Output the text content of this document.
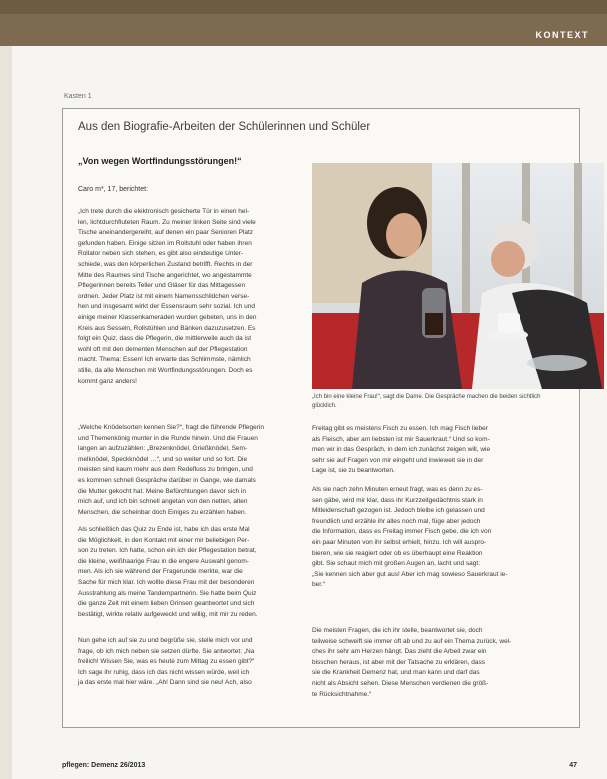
KONTEXT
Kasten 1
Aus den Biografie-Arbeiten der Schülerinnen und Schüler
„Von wegen Wortfindungsstörungen!“
Caro m*, 17, berichtet:

„Ich trete durch die elektronisch gesicherte Tür in einen hel-
len, lichtdurchfluteten Raum. Zu meiner linken Seite sind viele
Tische aneinandergereiht, auf denen ein paar Senioren Platz
gefunden haben. Einige sitzen im Rollstuhl oder haben ihren
Rollator neben sich stehen, es gibt also eindeutige Unter-
schiede, was den körperlichen Zustand betrifft. Rechts in der
Mitte des Raumes sind Tische angerichtet, wo angestammte
Pflegerinnen bereits Teller und Gläser für das Mittagessen
ordnen. Jeder Platz ist mit einem Namensschildchen verse-
hen und insgesamt wirkt der Essensraum sehr sozial. Ich und
einige meiner Klassenkameraden wurden gebeten, uns in den
Kreis aus Sesseln, Rollstühlen und Bänken dazuzusetzen. Es
folgt ein Quiz, dass die Pflegerin, die mittlerweile auch da ist
wohl oft mit den dementen Menschen auf der Pflegestation
macht. Thema: Essen! Ich erwarte das Schlimmste, nämlich
stille, da alle Menschen mit Wortfindungsstörungen. Doch es
kommt ganz anders!

„Welche Knödelsorten kennen Sie?“, fragt die führende Pflegerin
und Themenkönig munter in die Runde hinein. Und die Frauen
langen an aufzuzählen: „Brezenknödel, Grießknödel, Sem-
melknödel, Speckknödel …“, und so weiter und so fort. Die
meisten sind kaum mehr aus dem Redefluss zu bringen, und
es kommen schnell Gespräche darüber in Gange, wie damals
die Mutter gekocht hat. Meine Befürchtungen davor sich in
mich auf, und ich bin schnell angetan von den netten, alten
Menschen, die scheinbar doch Einiges zu erzählen haben.

Als schließlich das Quiz zu Ende ist, habe ich das erste Mal
die Möglichkeit, in den Kontakt mit einer mir beliebigen Per-
son zu treten. Ich hatte, schon ein ich der Pflegestation betrat,
die kleine, weißhaarige Frau in die engere Auswahl genom-
men. Als ich sie während der Fragerunde merkte, war die
Sache für mich klar. Ich wollte diese Frau mit der besonderen
Ausstrahlung als meine Tandempartnerin. Sie hatte beim Quiz
die ganze Zeit mit einem lieben Grinsen geantwortet und sich
bestätigt, wirkte relativ aufgeweckt und willig, mit mir zu reden.

Nun gehe ich auf sie zu und begrüße sie, stelle mich vor und
frage, ob ich mich neben sie setzen dürfte. Sie antwortet: „Na
freilich! Wissen Sie, was es heute zum Mittag zu essen gibt?“
Ich sage ihr ruhig, dass ich das nicht wissen würde, weil ich
ja das erste mal hier wäre. „Ah! Dann sind sie neu! Ach, also

„Ich bin eine kleine Frau!“, sagt die Dame. Die Gespräche machen die beiden sichtlich glücklich.

Freitag gibt es meistens Fisch zu essen. Ich mag Fisch lieber
als Fleisch, aber am liebsten ist mir Sauerkraut.“ Und so kom-
men wir in das Gespräch, in dem ich zunächst zeigen will, wie
sehr sie auf Fragen von mir eingeht und inwieweit sie in der
Lage ist, sie zu beantworten.

Als sie nach zehn Minuten erneut fragt, was es denn zu es-
sen gäbe, wird mir klar, dass ihr Kurzzeitgedächtnis stark in
Mitleidenschaft gezogen ist. Jedoch bleibe ich gelassen und
freundlich und erzähle ihr alles noch mal, füge aber jedoch
die Information, dass es Freitag immer Fisch gebe, die ich von
ein paar Minuten von ihr selbst erhielt, hinzu. Ich will auspro-
bieren, wie sie reagiert oder ob es überhaupt eine Reaktion
gibt. Sie schaut mich mit großen Augen an, lacht und sagt:
„Sie kennen sich aber gut aus! Aber ich mag sowieso Sauerkraut ie-
ber.“

Die meisten Fragen, die ich ihr stelle, beantwortet sie, doch
teilweise schweift sie immer oft ab und zu auf ein Thema zurück, wel-
ches ihr sehr am Herzen hängt. Das zieht die Arbeit zwar ein
bisschen heraus, ist aber mit der Tatsache zu erklären, dass
sie die Krankheit Demenz hat, und man kann und darf das
nicht als Absicht sehen. Diese Menschen verdienen die größ-
te Rücksichtnahme.“

pflegen: Demenz 26/2013	47
